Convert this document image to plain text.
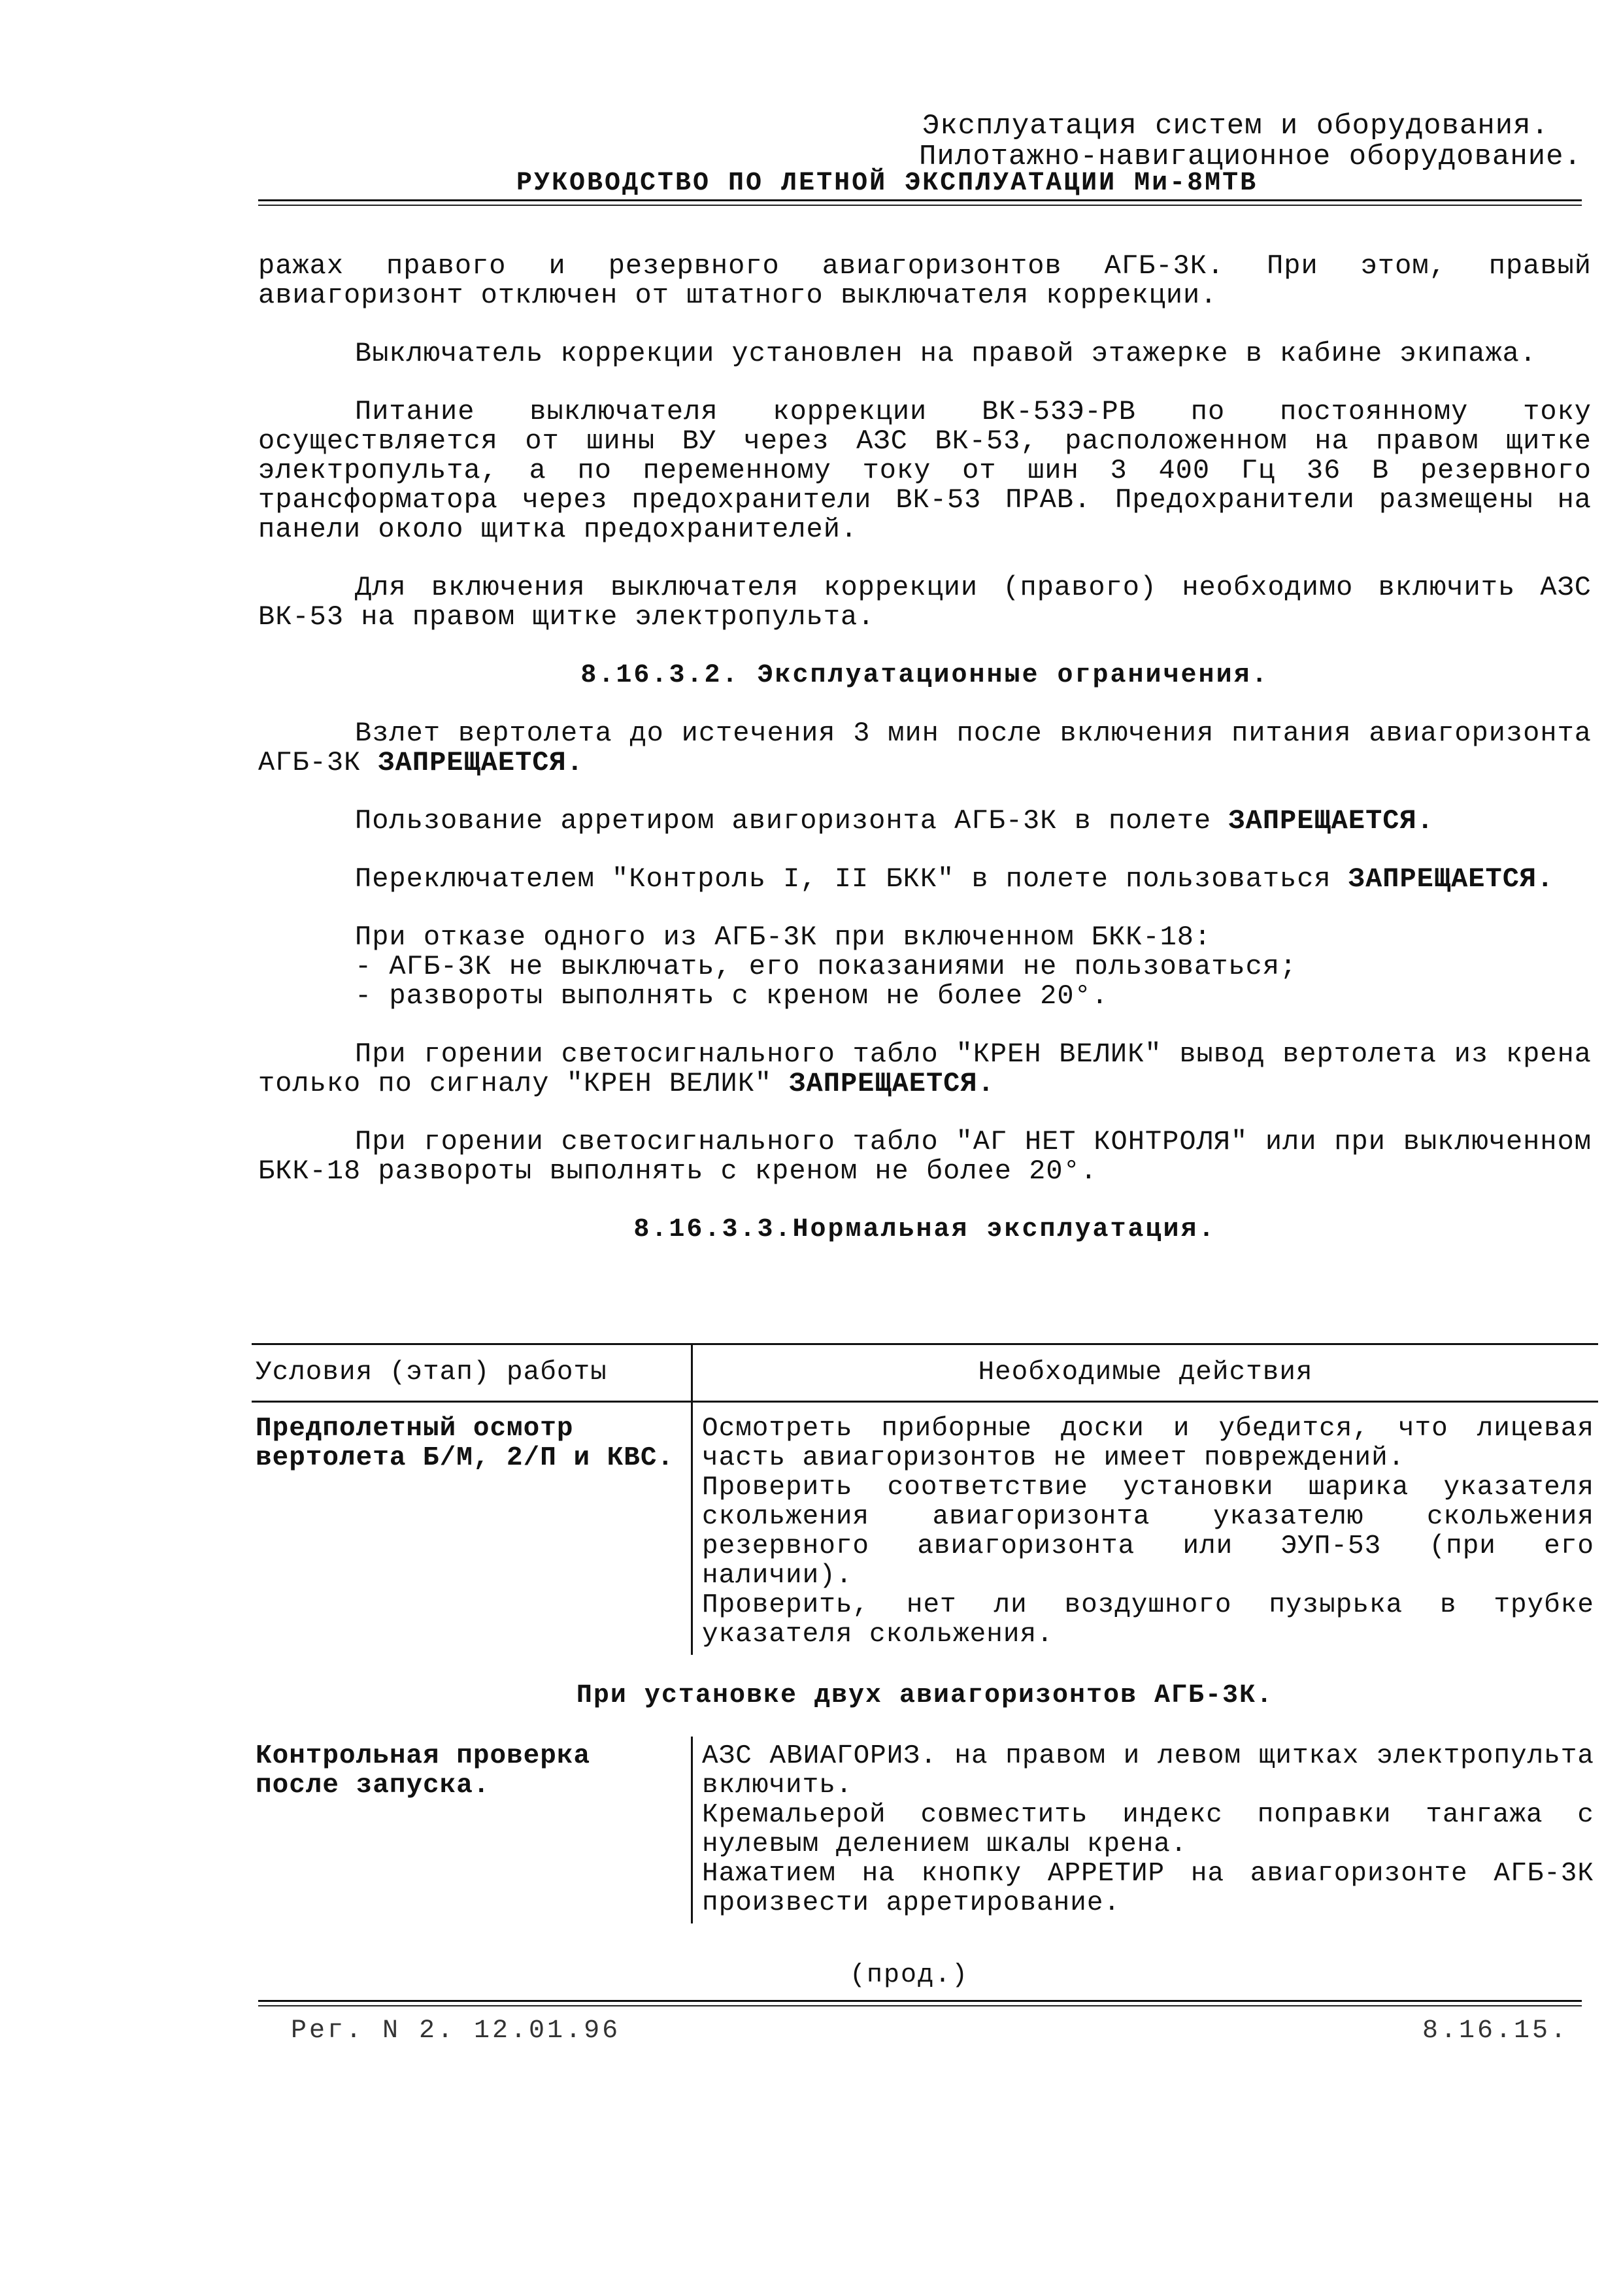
Эксплуатация систем и оборудования.
Пилотажно-навигационное оборудование.
РУКОВОДСТВО ПО ЛЕТНОЙ ЭКСПЛУАТАЦИИ Ми-8МТВ

ражах правого и резервного авиагоризонтов АГБ-3К. При этом, правый авиагоризонт отключен от штатного выключателя коррекции.

Выключатель коррекции установлен на правой этажерке в кабине экипажа.

Питание выключателя коррекции ВК-53Э-РВ по постоянному току осуществляется от шины ВУ через АЗС ВК-53, расположенном на правом щитке электропульта, а по переменному току от шин 3 400 Гц 36 В резервного трансформатора через предохранители ВК-53 ПРАВ. Предохранители размещены на панели около щитка предохранителей.

Для включения выключателя коррекции (правого) необходимо включить АЗС ВК-53 на правом щитке электропульта.

8.16.3.2. Эксплуатационные ограничения.

Взлет вертолета до истечения 3 мин после включения питания авиагоризонта АГБ-3К ЗАПРЕЩАЕТСЯ.

Пользование арретиром авигоризонта АГБ-3К в полете ЗАПРЕЩАЕТСЯ.

Переключателем "Контроль I, II БКК" в полете пользоваться ЗАПРЕЩАЕТСЯ.

При отказе одного из АГБ-3К при включенном БКК-18:
- АГБ-3К не выключать, его показаниями не пользоваться;
- развороты выполнять с креном не более 20°.

При горении светосигнального табло "КРЕН ВЕЛИК" вывод вертолета из крена только по сигналу "КРЕН ВЕЛИК" ЗАПРЕЩАЕТСЯ.

При горении светосигнального табло "АГ НЕТ КОНТРОЛЯ" или при выключенном БКК-18 развороты выполнять с креном не более 20°.

8.16.3.3.Нормальная эксплуатация.
Условия (этап) работы	Необходимые действия
Предполетный осмотр вертолета Б/М, 2/П и КВС.	Осмотреть приборные доски и убедится, что лицевая часть авиагоризонтов не имеет повреждений.
Проверить соответствие установки шарика указателя скольжения авиагоризонта указателю скольжения резервного авиагоризонта или ЭУП-53 (при его наличии).
Проверить, нет ли воздушного пузырька в трубке указателя скольжения.

При установке двух авиагоризонтов АГБ-3К.	
Контрольная проверка после запуска.	АЗС АВИАГОРИЗ. на правом и левом щитках электропульта включить.
Кремальерой совместить индекс поправки тангажа с нулевым делением шкалы крена.
Нажатием на кнопку АРРЕТИР на авиагоризонте АГБ-3К произвести арретирование.
(прод.)
Рег. N 2. 12.01.96	8.16.15.
